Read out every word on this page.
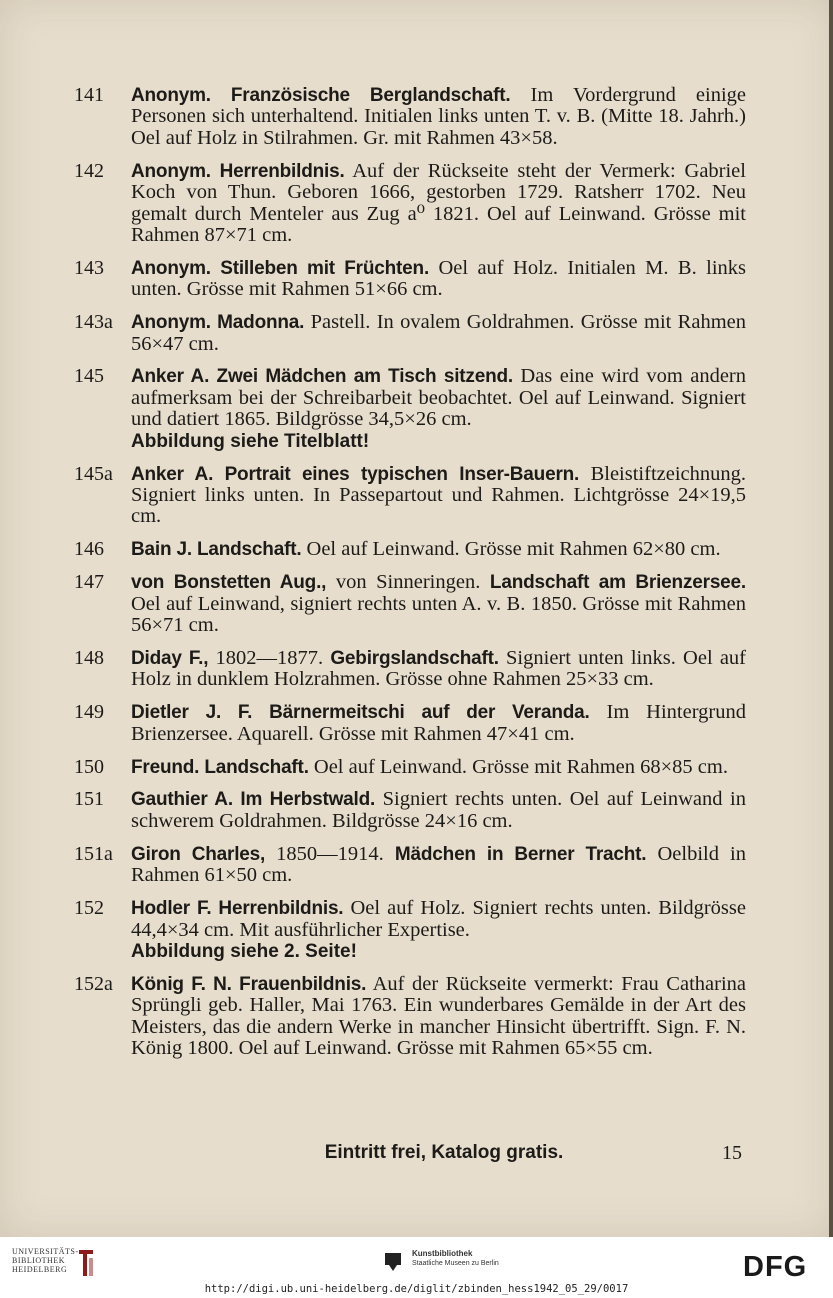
141	Anonym. Französische Berglandschaft. Im Vordergrund einige Personen sich unterhaltend. Initialen links unten T. v. B. (Mitte 18. Jahrh.) Oel auf Holz in Stilrahmen. Gr. mit Rahmen 43×58.
142	Anonym. Herrenbildnis. Auf der Rückseite steht der Vermerk: Gabriel Koch von Thun. Geboren 1666, gestorben 1729. Ratsherr 1702. Neu gemalt durch Menteler aus Zug a⁰ 1821. Oel auf Leinwand. Grösse mit Rahmen 87×71 cm.
143	Anonym. Stilleben mit Früchten. Oel auf Holz. Initialen M. B. links unten. Grösse mit Rahmen 51×66 cm.
143a Anonym. Madonna. Pastell. In ovalem Goldrahmen. Grösse mit Rahmen 56×47 cm.
145	Anker A. Zwei Mädchen am Tisch sitzend. Das eine wird vom andern aufmerksam bei der Schreibarbeit beobachtet. Oel auf Leinwand. Signiert und datiert 1865. Bildgrösse 34,5×26 cm.
Abbildung siehe Titelblatt!
145a Anker A. Portrait eines typischen Inser-Bauern. Bleistiftzeichnung. Signiert links unten. In Passepartout und Rahmen. Lichtgrösse 24×19,5 cm.
146	Bain J. Landschaft. Oel auf Leinwand. Grösse mit Rahmen 62×80 cm.
147	von Bonstetten Aug., von Sinneringen. Landschaft am Brienzersee. Oel auf Leinwand, signiert rechts unten A. v. B. 1850. Grösse mit Rahmen 56×71 cm.
148	Diday F., 1802—1877. Gebirgslandschaft. Signiert unten links. Oel auf Holz in dunklem Holzrahmen. Grösse ohne Rahmen 25×33 cm.
149	Dietler J. F. Bärnermeitschi auf der Veranda. Im Hintergrund Brienzersee. Aquarell. Grösse mit Rahmen 47×41 cm.
150	Freund. Landschaft. Oel auf Leinwand. Grösse mit Rahmen 68×85 cm.
151	Gauthier A. Im Herbstwald. Signiert rechts unten. Oel auf Leinwand in schwerem Goldrahmen. Bildgrösse 24×16 cm.
151a Giron Charles, 1850—1914. Mädchen in Berner Tracht. Oelbild in Rahmen 61×50 cm.
152	Hodler F. Herrenbildnis. Oel auf Holz. Signiert rechts unten. Bildgrösse 44,4×34 cm. Mit ausführlicher Expertise.
Abbildung siehe 2. Seite!
152a König F. N. Frauenbildnis. Auf der Rückseite vermerkt: Frau Catharina Sprüngli geb. Haller, Mai 1763. Ein wunderbares Gemälde in der Art des Meisters, das die andern Werke in mancher Hinsicht übertrifft. Sign. F. N. König 1800. Oel auf Leinwand. Grösse mit Rahmen 65×55 cm.
Eintritt frei, Katalog gratis.	15
UNIVERSITÄTS-
BIBLIOTHEK
HEIDELBERG
Kunstbibliothek
Staatliche Museen zu Berlin	DFG
http://digi.ub.uni-heidelberg.de/diglit/zbinden_hess1942_05_29/0017
